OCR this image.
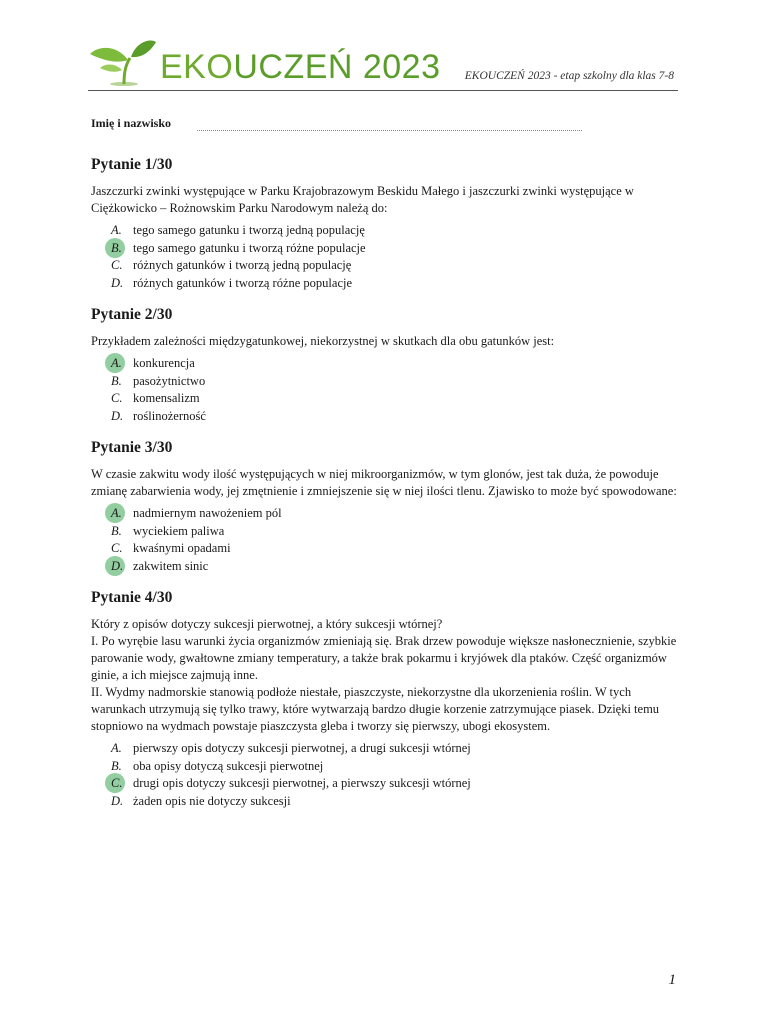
EKOUCZEŃ 2023 EKOUCZEŃ 2023 - etap szkolny dla klas 7-8
Imię i nazwisko
Pytanie 1/30

Jaszczurki zwinki występujące w Parku Krajobrazowym Beskidu Małego i jaszczurki zwinki występujące w Ciężkowicko – Rożnowskim Parku Narodowym należą do:

A. tego samego gatunku i tworzą jedną populację
B. tego samego gatunku i tworzą różne populacje
C. różnych gatunków i tworzą jedną populację
D. różnych gatunków i tworzą różne populacje
Pytanie 2/30

Przykładem zależności międzygatunkowej, niekorzystnej w skutkach dla obu gatunków jest:

A. konkurencja
B. pasożytnictwo
C. komensalizm
D. roślinożerność
Pytanie 3/30

W czasie zakwitu wody ilość występujących w niej mikroorganizmów, w tym glonów, jest tak duża, że powoduje zmianę zabarwienia wody, jej zmętnienie i zmniejszenie się w niej ilości tlenu. Zjawisko to może być spowodowane:

A. nadmiernym nawożeniem pól
B. wyciekiem paliwa
C. kwaśnymi opadami
D. zakwitem sinic
Pytanie 4/30

Który z opisów dotyczy sukcesji pierwotnej, a który sukcesji wtórnej?

I. Po wyrębie lasu warunki życia organizmów zmieniają się. Brak drzew powoduje większe nasłonecznienie, szybkie parowanie wody, gwałtowne zmiany temperatury, a także brak pokarmu i kryjówek dla ptaków. Część organizmów ginie, a ich miejsce zajmują inne.

II. Wydmy nadmorskie stanowią podłoże niestałe, piaszczyste, niekorzystne dla ukorzenienia roślin. W tych warunkach utrzymują się tylko trawy, które wytwarzają bardzo długie korzenie zatrzymujące piasek. Dzięki temu stopniowo na wydmach powstaje piaszczysta gleba i tworzy się pierwszy, ubogi ekosystem.

A. pierwszy opis dotyczy sukcesji pierwotnej, a drugi sukcesji wtórnej
B. oba opisy dotyczą sukcesji pierwotnej
C. drugi opis dotyczy sukcesji pierwotnej, a pierwszy sukcesji wtórnej
D. żaden opis nie dotyczy sukcesji
1
